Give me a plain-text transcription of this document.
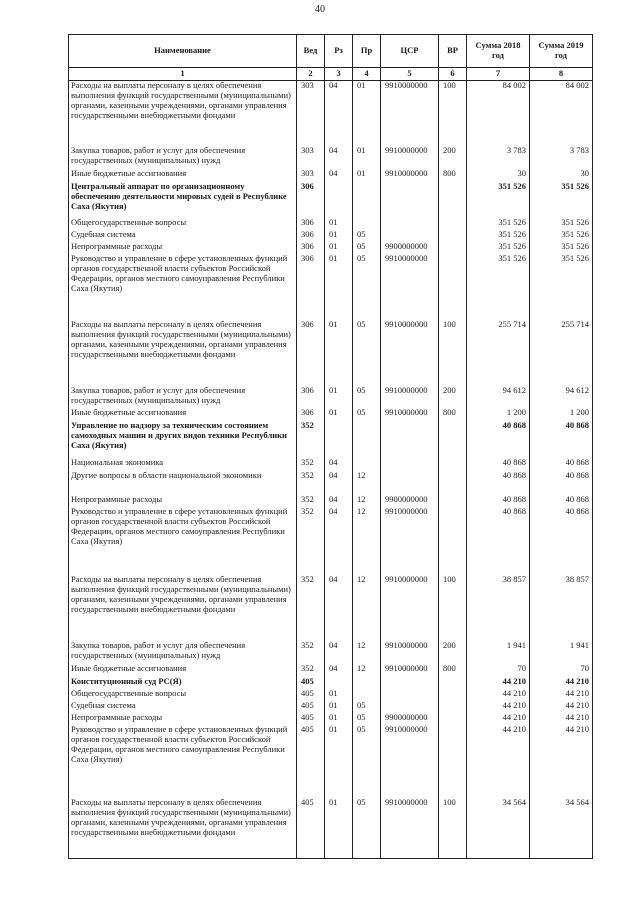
40
Наименование	Вед	Рз	Пр	ЦСР	ВР	Сумма 2018 год	Сумма 2019 год
1	2	3	4	5	6	7	8
Расходы на выплаты персоналу в целях обеспечения выполнения функций государственными (муниципальными) органами, казенными учреждениями, органами управления государственными внебюджетными фондами	303	04	01	9910000000	100	84 002	84 002
Закупка товаров, работ и услуг для обеспечения государственных (муниципальных) нужд	303	04	01	9910000000	200	3 783	3 783
Иные бюджетные ассигнования	303	04	01	9910000000	800	30	30
Центральный аппарат по организационному обеспечению деятельности мировых судей в Республике Саха (Якутия)	306					351 526	351 526
Общегосударственные вопросы	306	01				351 526	351 526
Судебная система	306	01	05			351 526	351 526
Непрограммные расходы	306	01	05	9900000000		351 526	351 526
Руководство и управление в сфере установленных функций органов государственной власти субъектов Российской Федерации, органов местного самоуправления Республики Саха (Якутия)	306	01	05	9910000000		351 526	351 526
Расходы на выплаты персоналу в целях обеспечения выполнения функций государственными (муниципальными) органами, казенными учреждениями, органами управления государственными внебюджетными фондами	306	01	05	9910000000	100	255 714	255 714
Закупка товаров, работ и услуг для обеспечения государственных (муниципальных) нужд	306	01	05	9910000000	200	94 612	94 612
Иные бюджетные ассигнования	306	01	05	9910000000	800	1 200	1 200
Управление по надзору за техническим состоянием самоходных машин и других видов техники Республики Саха (Якутия)	352					40 868	40 868
Национальная экономика	352	04				40 868	40 868
Другие вопросы в области национальной экономики	352	04	12			40 868	40 868
Непрограммные расходы	352	04	12	9900000000		40 868	40 868
Руководство и управление в сфере установленных функций органов государственной власти субъектов Российской Федерации, органов местного самоуправления Республики Саха (Якутия)	352	04	12	9910000000		40 868	40 868
Расходы на выплаты персоналу в целях обеспечения выполнения функций государственными (муниципальными) органами, казенными учреждениями, органами управления государственными внебюджетными фондами	352	04	12	9910000000	100	38 857	38 857
Закупка товаров, работ и услуг для обеспечения государственных (муниципальных) нужд	352	04	12	9910000000	200	1 941	1 941
Иные бюджетные ассигнования	352	04	12	9910000000	800	70	70
Конституционный суд РС(Я)	405					44 210	44 210
Общегосударственные вопросы	405	01				44 210	44 210
Судебная система	405	01	05			44 210	44 210
Непрограммные расходы	405	01	05	9900000000		44 210	44 210
Руководство и управление в сфере установленных функций органов государственной власти субъектов Российской Федерации, органов местного самоуправления Республики Саха (Якутия)	405	01	05	9910000000		44 210	44 210
Расходы на выплаты персоналу в целях обеспечения выполнения функций государственными (муниципальными) органами, казенными учреждениями, органами управления государственными внебюджетными фондами	405	01	05	9910000000	100	34 564	34 564
